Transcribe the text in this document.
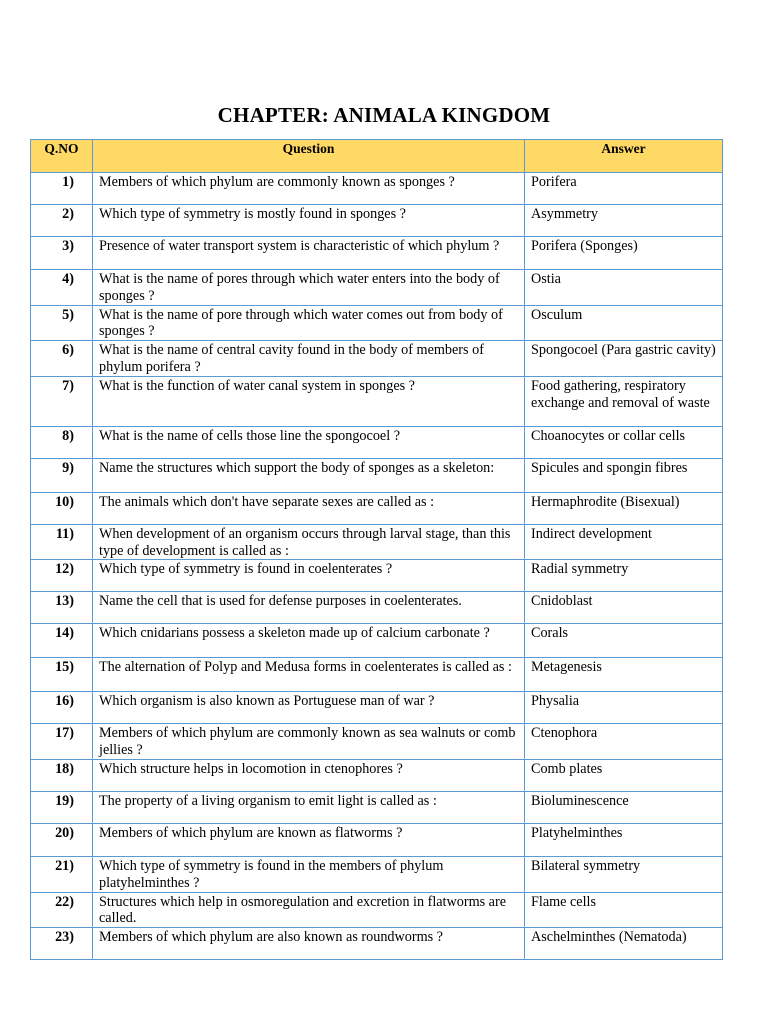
CHAPTER: ANIMALA KINGDOM
Q.NO	Question	Answer
1)	Members of which phylum are commonly known as sponges ?	Porifera
2)	Which type of symmetry is mostly found in sponges ?	Asymmetry
3)	Presence of water transport system is characteristic of which phylum ?	Porifera (Sponges)
4)	What is the name of pores through which water enters into the body of sponges ?	Ostia
5)	What is the name of pore through which water comes out from body of sponges ?	Osculum
6)	What is the name of central cavity found in the body of members of phylum porifera ?	Spongocoel (Para gastric cavity)
7)	What is the function of water canal system in sponges ?	Food gathering, respiratory exchange and removal of waste
8)	What is the name of cells those line the spongocoel ?	Choanocytes or collar cells
9)	Name the structures which support the body of sponges as a skeleton:	Spicules and spongin fibres
10)	The animals which don't have separate sexes are called as :	Hermaphrodite (Bisexual)
11)	When development of an organism occurs through larval stage, than this type of development is called as :	Indirect development
12)	Which type of symmetry is found in coelenterates ?	Radial symmetry
13)	Name the cell that is used for defense purposes in coelenterates.	Cnidoblast
14)	Which cnidarians possess a skeleton made up of calcium carbonate ?	Corals
15)	The alternation of Polyp and Medusa forms in coelenterates is called as :	Metagenesis
16)	Which organism is also known as Portuguese man of war ?	Physalia
17)	Members of which phylum are commonly known as sea walnuts or comb jellies ?	Ctenophora
18)	Which structure helps in locomotion in ctenophores ?	Comb plates
19)	The property of a living organism to emit light is called as :	Bioluminescence
20)	Members of which phylum are known as flatworms ?	Platyhelminthes
21)	Which type of symmetry is found in the members of phylum platyhelminthes ?	Bilateral symmetry
22)	Structures which help in osmoregulation and excretion in flatworms are called.	Flame cells
23)	Members of which phylum are also known as roundworms ?	Aschelminthes (Nematoda)
